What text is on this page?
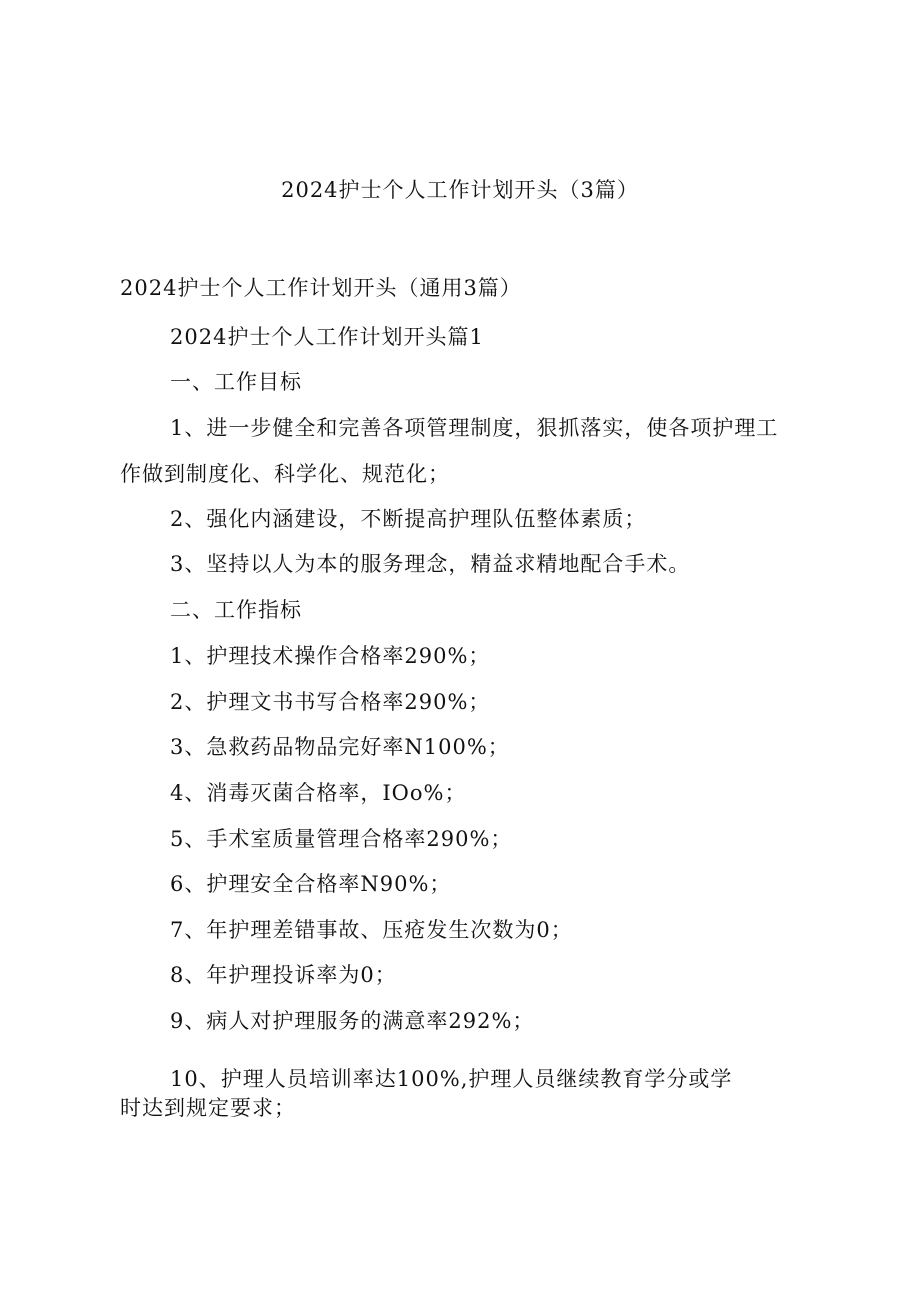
2024护士个人工作计划开头（3篇）
2024护士个人工作计划开头（通用3篇）
2024护士个人工作计划开头篇1
一、工作目标
1、进一步健全和完善各项管理制度，狠抓落实，使各项护理工
作做到制度化、科学化、规范化；
2、强化内涵建设，不断提高护理队伍整体素质；
3、坚持以人为本的服务理念，精益求精地配合手术。
二、工作指标
1、护理技术操作合格率290%；
2、护理文书书写合格率290%；
3、急救药品物品完好率N100%；
4、消毒灭菌合格率，IOo%；
5、手术室质量管理合格率290%；
6、护理安全合格率N90%；
7、年护理差错事故、压疮发生次数为0；
8、年护理投诉率为0；
9、病人对护理服务的满意率292%；
10、护理人员培训率达100%,护理人员继续教育学分或学
时达到规定要求；
